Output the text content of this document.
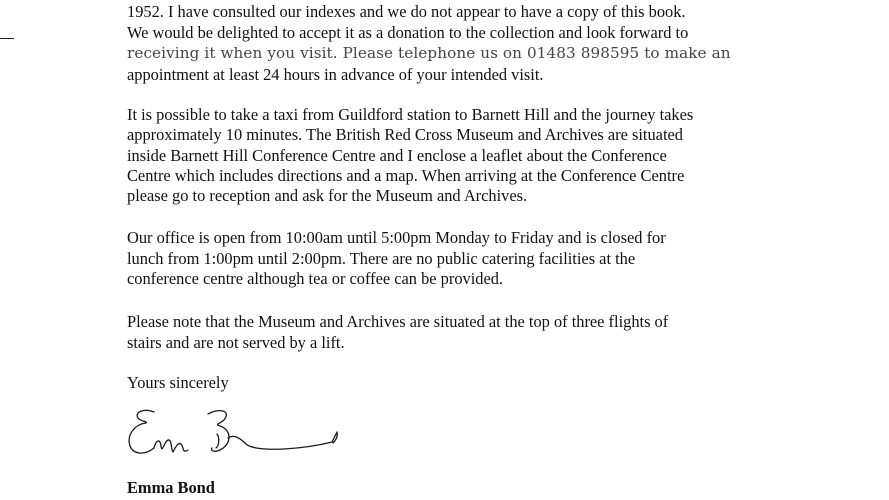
1952. I have consulted our indexes and we do not appear to have a copy of this book.
We would be delighted to accept it as a donation to the collection and look forward to
receiving it when you visit. Please telephone us on 01483 898595 to make an
appointment at least 24 hours in advance of your intended visit.
It is possible to take a taxi from Guildford station to Barnett Hill and the journey takes
approximately 10 minutes. The British Red Cross Museum and Archives are situated
inside Barnett Hill Conference Centre and I enclose a leaflet about the Conference
Centre which includes directions and a map. When arriving at the Conference Centre
please go to reception and ask for the Museum and Archives.
Our office is open from 10:00am until 5:00pm Monday to Friday and is closed for
lunch from 1:00pm until 2:00pm. There are no public catering facilities at the
conference centre although tea or coffee can be provided.
Please note that the Museum and Archives are situated at the top of three flights of
stairs and are not served by a lift.
Yours sincerely
Emma Bond
